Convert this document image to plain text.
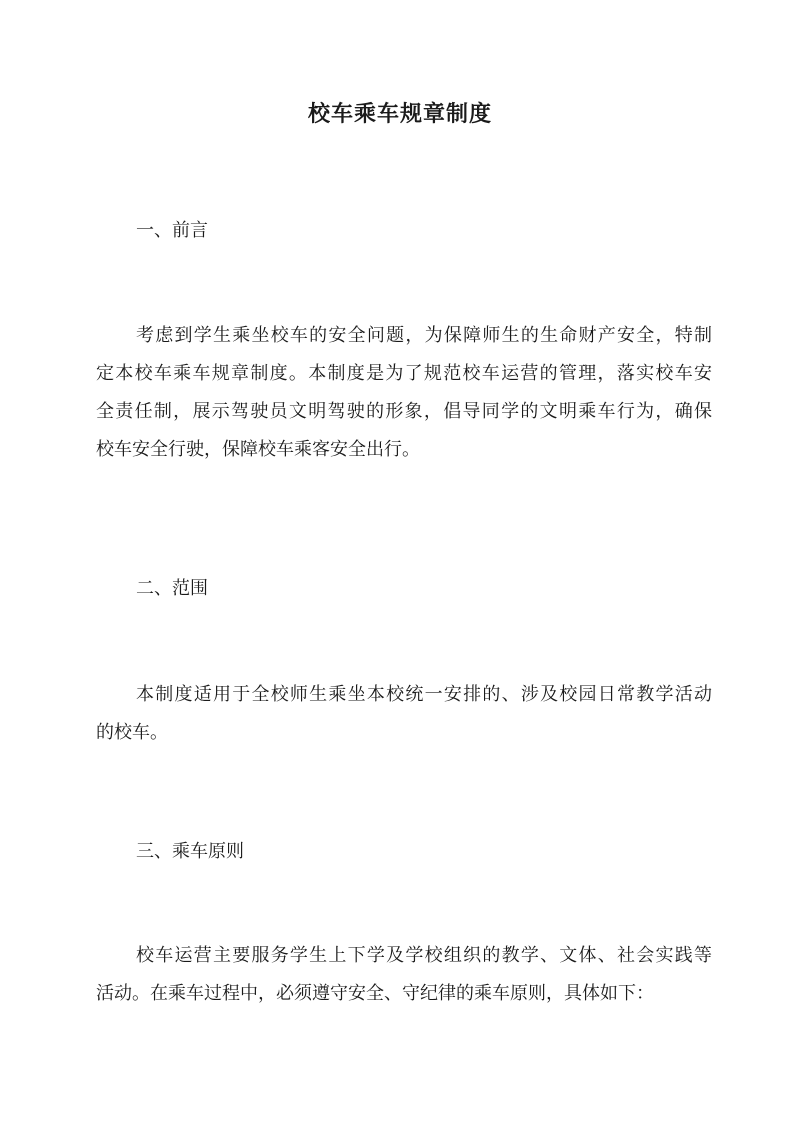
校车乘车规章制度
一、前言
考虑到学生乘坐校车的安全问题，为保障师生的生命财产安全，特制
定本校车乘车规章制度。本制度是为了规范校车运营的管理，落实校车安
全责任制，展示驾驶员文明驾驶的形象，倡导同学的文明乘车行为，确保
校车安全行驶，保障校车乘客安全出行。
二、范围
本制度适用于全校师生乘坐本校统一安排的、涉及校园日常教学活动
的校车。
三、乘车原则
校车运营主要服务学生上下学及学校组织的教学、文体、社会实践等
活动。在乘车过程中，必须遵守安全、守纪律的乘车原则，具体如下：
